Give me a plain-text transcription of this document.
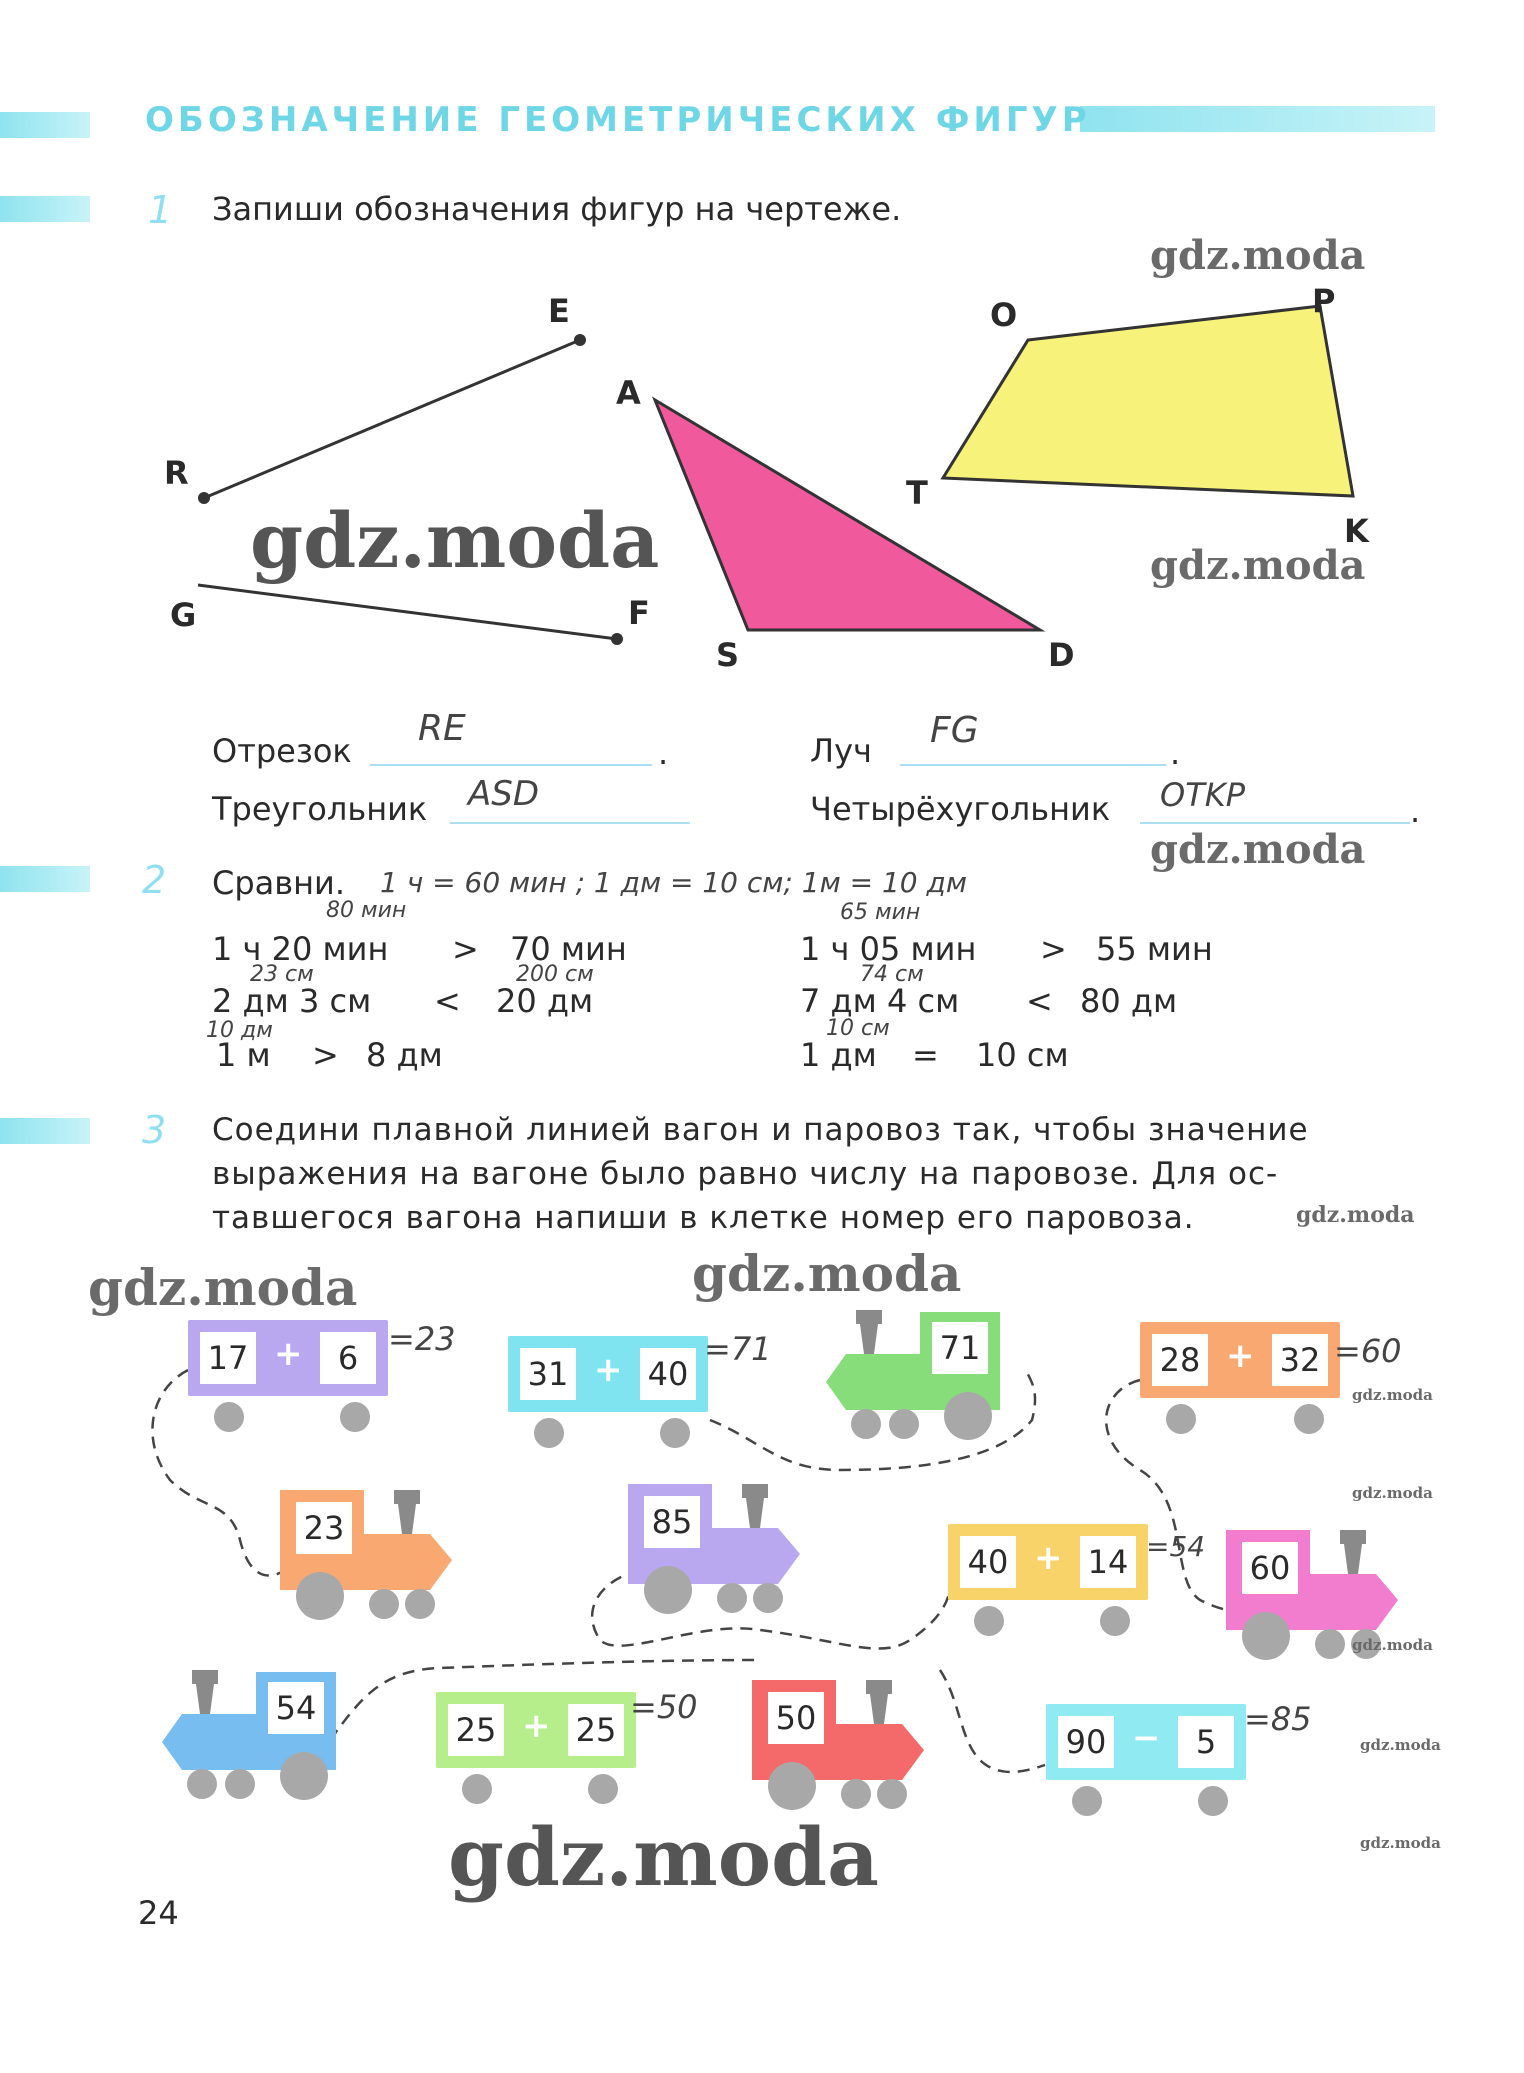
ОБОЗНАЧЕНИЕ ГЕОМЕТРИЧЕСКИХ ФИГУР
1 Запиши обозначения фигур на чертеже.
E
R
G	F
A
S	D
O	P
T
K
Отрезок
RE
.	Луч FG
.
Треугольник ASD	Четырёхугольник OTKP	.
2 Сравни. 1 ч = 60 мин ; 1 дм = 10 см; 1м = 10 дм
80 мин
1 ч 20 мин > 70 мин
23 см	200 см
2 дм 3 см < 20 дм
10 дм
1 м > 8 дм
65 мин
1 ч 05 мин > 55 мин
74 см
7 дм 4 см < 80 дм
10 см
1 дм = 10 см
3 Соедини плавной линией вагон и паровоз так, чтобы значение
выражения на вагоне было равно числу на паровозе. Для ос-
тавшегося вагона напиши в клетке номер его паровоза.
17 +	6 =23
31 + 40
=71	28 + 32 =60
40 + 14 =54
25 + 25
=50
90 −	5
=85
71
23	85
60
54	50
gdz.moda
gdz.moda	gdz.moda
gdz.moda
gdz.moda
gdz.moda	gdz.moda
gdz.moda
gdz.moda
gdz.moda
gdz.moda
gdz.moda
gdz.moda
24
